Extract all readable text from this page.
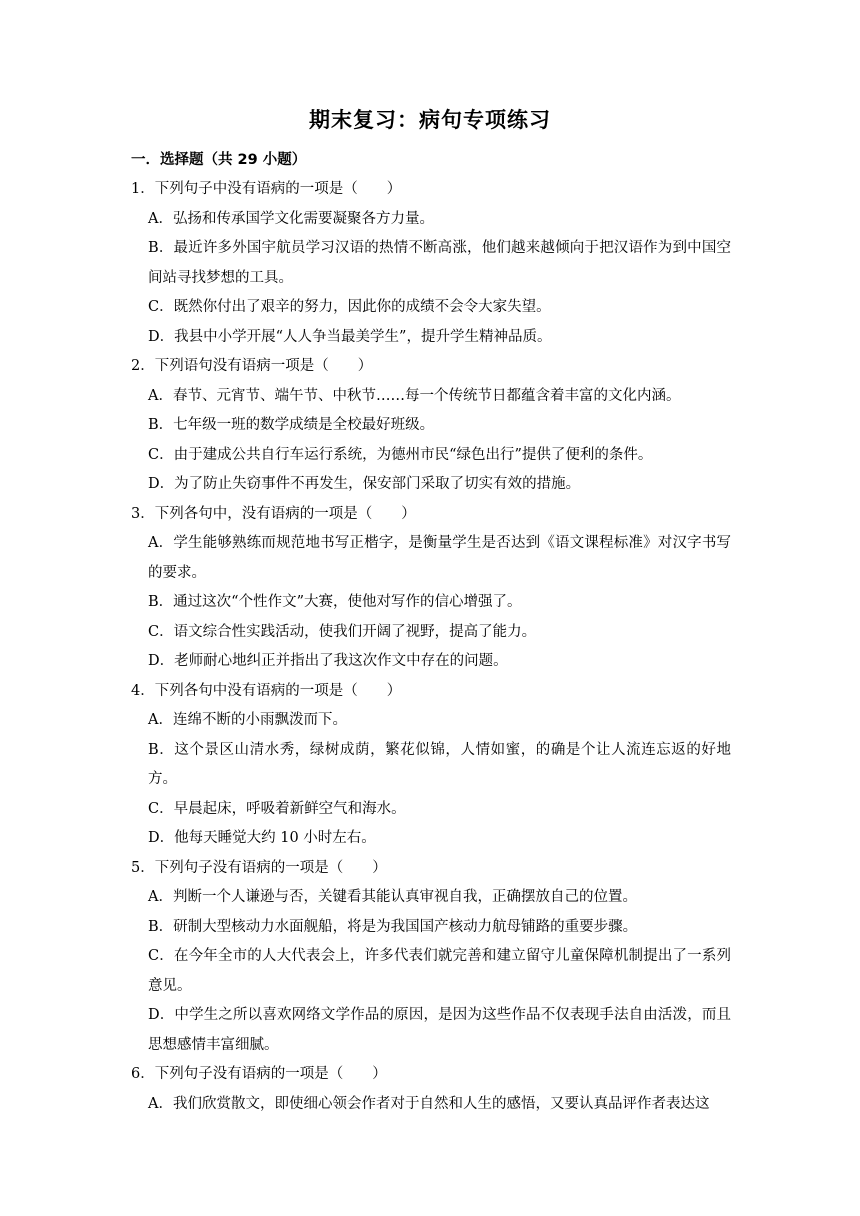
期末复习：病句专项练习
一．选择题（共 29 小题）

1．下列句子中没有语病的一项是（　　）

A．弘扬和传承国学文化需要凝聚各方力量。

B．最近许多外国宇航员学习汉语的热情不断高涨，他们越来越倾向于把汉语作为到中国空间站寻找梦想的工具。

C．既然你付出了艰辛的努力，因此你的成绩不会令大家失望。

D．我县中小学开展“人人争当最美学生”，提升学生精神品质。

2．下列语句没有语病一项是（　　）

A．春节、元宵节、端午节、中秋节……每一个传统节日都蕴含着丰富的文化内涵。

B．七年级一班的数学成绩是全校最好班级。

C．由于建成公共自行车运行系统，为德州市民“绿色出行”提供了便利的条件。

D．为了防止失窃事件不再发生，保安部门采取了切实有效的措施。

3．下列各句中，没有语病的一项是（　　）

A．学生能够熟练而规范地书写正楷字，是衡量学生是否达到《语文课程标准》对汉字书写的要求。

B．通过这次“个性作文”大赛，使他对写作的信心增强了。

C．语文综合性实践活动，使我们开阔了视野，提高了能力。

D．老师耐心地纠正并指出了我这次作文中存在的问题。

4．下列各句中没有语病的一项是（　　）

A．连绵不断的小雨飘泼而下。

B．这个景区山清水秀，绿树成荫，繁花似锦，人情如蜜，的确是个让人流连忘返的好地方。

C．早晨起床，呼吸着新鲜空气和海水。

D．他每天睡觉大约 10 小时左右。

5．下列句子没有语病的一项是（　　）

A．判断一个人谦逊与否，关键看其能认真审视自我，正确摆放自己的位置。

B．研制大型核动力水面舰船，将是为我国国产核动力航母铺路的重要步骤。

C．在今年全市的人大代表会上，许多代表们就完善和建立留守儿童保障机制提出了一系列意见。

D．中学生之所以喜欢网络文学作品的原因，是因为这些作品不仅表现手法自由活泼，而且思想感情丰富细腻。

6．下列句子没有语病的一项是（　　）

A．我们欣赏散文，即使细心领会作者对于自然和人生的感悟，又要认真品评作者表达这
